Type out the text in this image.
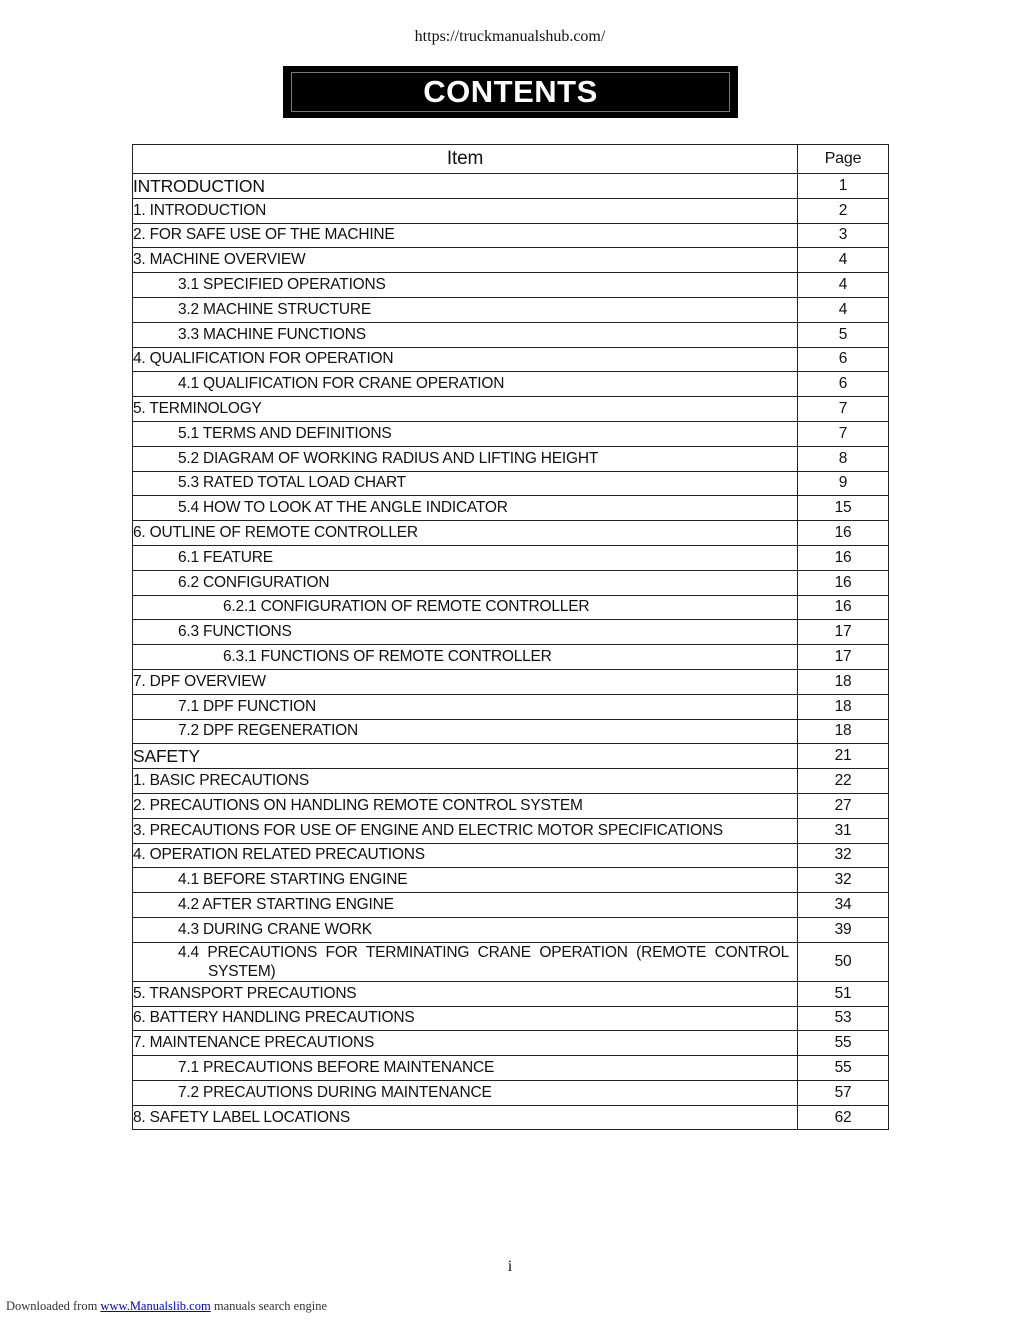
https://truckmanualshub.com/
CONTENTS
Item	Page
INTRODUCTION	1
1. INTRODUCTION	2
2. FOR SAFE USE OF THE MACHINE	3
3. MACHINE OVERVIEW	4
3.1 SPECIFIED OPERATIONS	4
3.2 MACHINE STRUCTURE	4
3.3 MACHINE FUNCTIONS	5
4. QUALIFICATION FOR OPERATION	6
4.1 QUALIFICATION FOR CRANE OPERATION	6
5. TERMINOLOGY	7
5.1 TERMS AND DEFINITIONS	7
5.2 DIAGRAM OF WORKING RADIUS AND LIFTING HEIGHT	8
5.3 RATED TOTAL LOAD CHART	9
5.4 HOW TO LOOK AT THE ANGLE INDICATOR	15
6. OUTLINE OF REMOTE CONTROLLER	16
6.1 FEATURE	16
6.2 CONFIGURATION	16
6.2.1 CONFIGURATION OF REMOTE CONTROLLER	16
6.3 FUNCTIONS	17
6.3.1 FUNCTIONS OF REMOTE CONTROLLER	17
7. DPF OVERVIEW	18
7.1 DPF FUNCTION	18
7.2 DPF REGENERATION	18
SAFETY	21
1. BASIC PRECAUTIONS	22
2. PRECAUTIONS ON HANDLING REMOTE CONTROL SYSTEM	27
3. PRECAUTIONS FOR USE OF ENGINE AND ELECTRIC MOTOR SPECIFICATIONS	31
4. OPERATION RELATED PRECAUTIONS	32
4.1 BEFORE STARTING ENGINE	32
4.2 AFTER STARTING ENGINE	34
4.3 DURING CRANE WORK	39

4.4 PRECAUTIONS FOR TERMINATING CRANE OPERATION (REMOTE CONTROL
SYSTEM)	50
5. TRANSPORT PRECAUTIONS	51
6. BATTERY HANDLING PRECAUTIONS	53
7. MAINTENANCE PRECAUTIONS	55
7.1 PRECAUTIONS BEFORE MAINTENANCE	55
7.2 PRECAUTIONS DURING MAINTENANCE	57
8. SAFETY LABEL LOCATIONS	62
i
Downloaded from www.Manualslib.com manuals search engine
